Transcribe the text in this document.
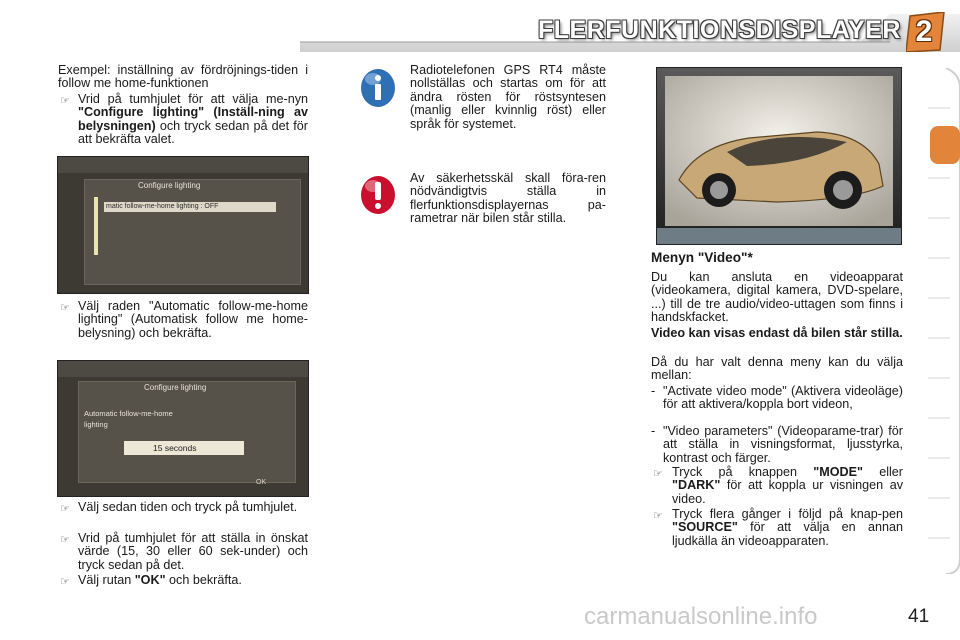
FLERFUNKTIONSDISPLAYER 2
Exempel: inställning av fördröjnings-tiden i follow me home-funktionen
☞ Vrid på tumhjulet för att välja me-nyn "Configure lighting" (Inställ-ning av belysningen) och tryck sedan på det för att bekräfta valet.
Configure lighting
matic follow-me-home lighting : OFF
☞ Välj raden "Automatic follow-me-home lighting" (Automatisk follow me home-belysning) och bekräfta.
Configure lighting
Automatic follow-me-home
lighting
15 seconds
OK
☞ Välj sedan tiden och tryck på tumhjulet.
☞ Vrid på tumhjulet för att ställa in önskat värde (15, 30 eller 60 sek-under) och tryck sedan på det.
☞ Välj rutan "OK" och bekräfta.
Radiotelefonen GPS RT4 måste nollställas och startas om för att ändra rösten för röstsyntesen (manlig eller kvinnlig röst) eller språk för systemet.
Av säkerhetsskäl skall föra-ren nödvändigtvis ställa in flerfunktionsdisplayernas pa-rametrar när bilen står stilla.
Menyn "Video"*
Du kan ansluta en videoapparat (videokamera, digital kamera, DVD-spelare, ...) till de tre audio/video-uttagen som finns i handskfacket.
Video kan visas endast då bilen står stilla.
Då du har valt denna meny kan du välja mellan:
- "Activate video mode" (Aktivera videoläge) för att aktivera/koppla bort videon,
- "Video parameters" (Videoparame-trar) för att ställa in visningsformat, ljusstyrka, kontrast och färger.
☞ Tryck på knappen "MODE" eller "DARK" för att koppla ur visningen av video.
☞ Tryck flera gånger i följd på knap-pen "SOURCE" för att välja en annan ljudkälla än videoapparaten.
carmanualsonline.info	41
